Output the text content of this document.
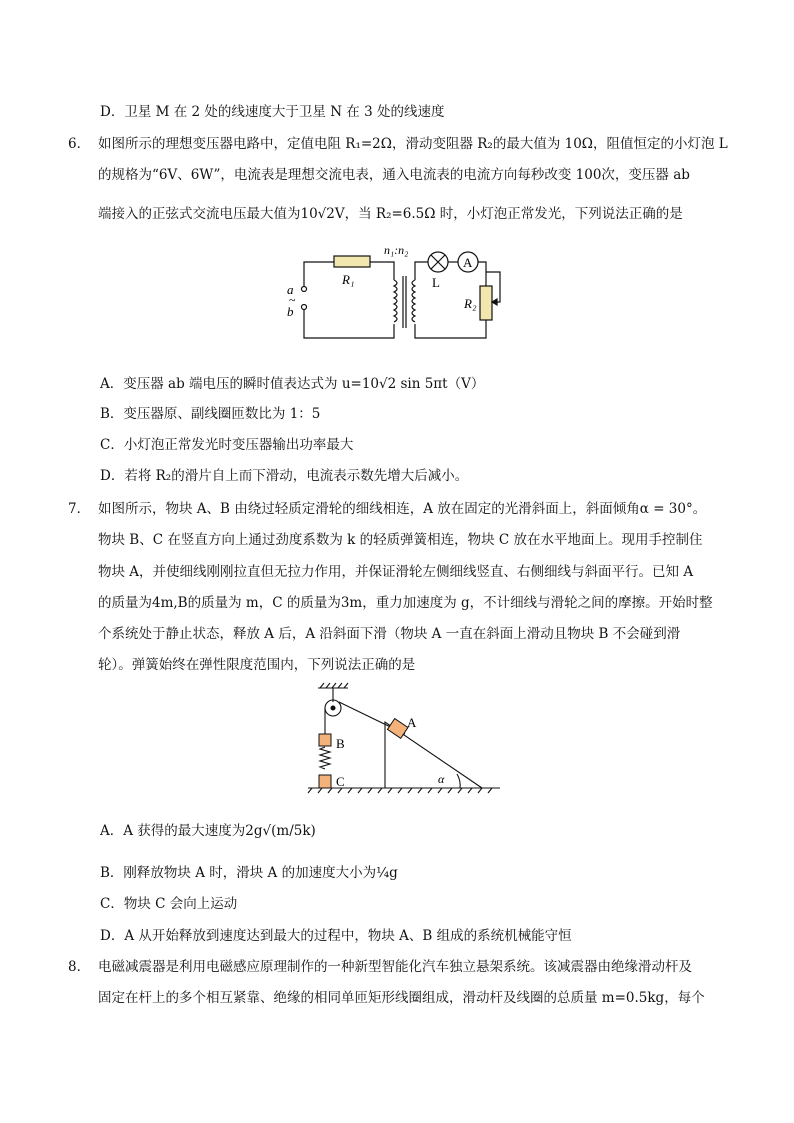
D．卫星 M 在 2 处的线速度大于卫星 N 在 3 处的线速度
6． 如图所示的理想变压器电路中，定值电阻 R₁=2Ω，滑动变阻器 R₂的最大值为 10Ω，阻值恒定的小灯泡 L
的规格为“6V、6W”，电流表是理想交流电表，通入电流表的电流方向每秒改变 100次，变压器 ab
端接入的正弦式交流电压最大值为10√2V，当 R₂=6.5Ω 时，小灯泡正常发光，下列说法正确的是
A
n₁:n₂
R₁	L
R₂
a
b
~
A．变压器 ab 端电压的瞬时值表达式为 u=10√2 sin 5πt（V）
B．变压器原、副线圈匝数比为 1：5
C．小灯泡正常发光时变压器输出功率最大
D．若将 R₂的滑片自上而下滑动，电流表示数先增大后减小。
7． 如图所示，物块 A、B 由绕过轻质定滑轮的细线相连，A 放在固定的光滑斜面上，斜面倾角α = 30°。
物块 B、C 在竖直方向上通过劲度系数为 k 的轻质弹簧相连，物块 C 放在水平地面上。现用手控制住
物块 A，并使细线刚刚拉直但无拉力作用，并保证滑轮左侧细线竖直、右侧细线与斜面平行。已知 A
的质量为4m,B的质量为 m，C 的质量为3m，重力加速度为 g，不计细线与滑轮之间的摩擦。开始时整
个系统处于静止状态，释放 A 后，A 沿斜面下滑（物块 A 一直在斜面上滑动且物块 B 不会碰到滑
轮）。弹簧始终在弹性限度范围内，下列说法正确的是
A
B
C	α
A．A 获得的最大速度为2g√(m/5k)
B．刚释放物块 A 时，滑块 A 的加速度大小为¼g
C．物块 C 会向上运动
D．A 从开始释放到速度达到最大的过程中，物块 A、B 组成的系统机械能守恒
8． 电磁减震器是利用电磁感应原理制作的一种新型智能化汽车独立悬架系统。该减震器由绝缘滑动杆及
固定在杆上的多个相互紧靠、绝缘的相同单匝矩形线圈组成，滑动杆及线圈的总质量 m=0.5kg，每个
